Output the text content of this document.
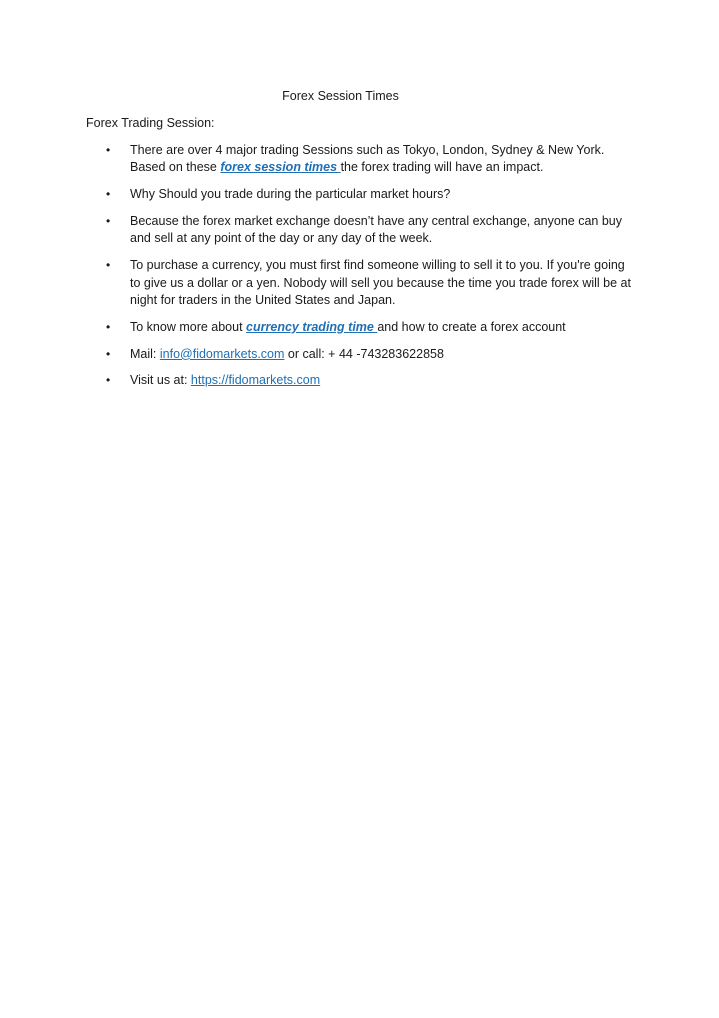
Forex Session Times
Forex Trading Session:
•	There are over 4 major trading Sessions such as Tokyo, London, Sydney & New York. Based on these forex session times the forex trading will have an impact.
•	Why Should you trade during the particular market hours?
•	Because the forex market exchange doesn’t have any central exchange, anyone can buy and sell at any point of the day or any day of the week.
•	To purchase a currency, you must first find someone willing to sell it to you. If you're going to give us a dollar or a yen. Nobody will sell you because the time you trade forex will be at night for traders in the United States and Japan.
•	To know more about currency trading time and how to create a forex account
•	Mail: info@fidomarkets.com or call: + 44 -743283622858
•	Visit us at: https://fidomarkets.com
